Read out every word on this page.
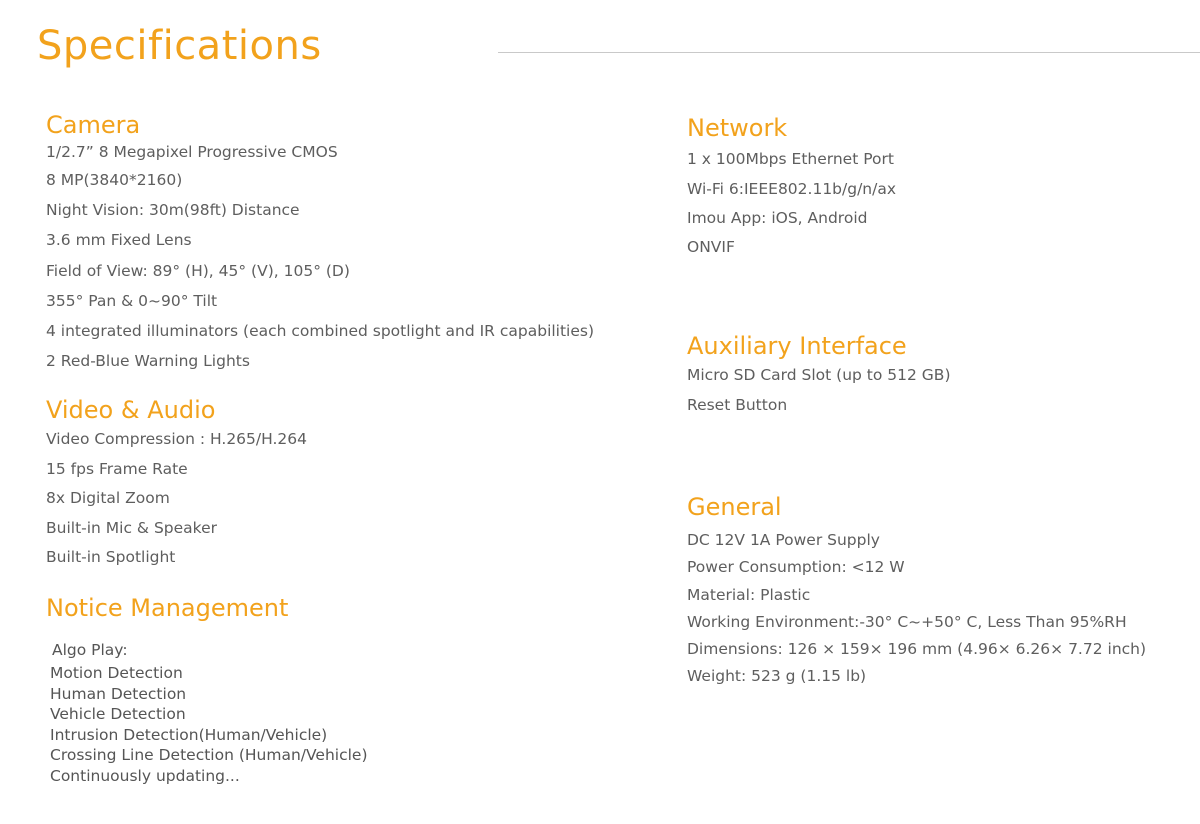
Specifications
Camera
1/2.7” 8 Megapixel Progressive CMOS
8 MP(3840*2160)
Night Vision: 30m(98ft) Distance
3.6 mm Fixed Lens
Field of View: 89° (H), 45° (V), 105° (D)
355° Pan & 0~90° Tilt
4 integrated illuminators (each combined spotlight and IR capabilities)
2 Red-Blue Warning Lights
Video & Audio
Video Compression : H.265/H.264
15 fps Frame Rate
8x Digital Zoom
Built-in Mic & Speaker
Built-in Spotlight
Notice Management
Algo Play:
Motion Detection
Human Detection
Vehicle Detection
Intrusion Detection(Human/Vehicle)
Crossing Line Detection (Human/Vehicle)
Continuously updating...
Network
1 x 100Mbps Ethernet Port
Wi-Fi 6:IEEE802.11b/g/n/ax
Imou App: iOS, Android
ONVIF
Auxiliary Interface
Micro SD Card Slot (up to 512 GB)
Reset Button
General
DC 12V 1A Power Supply
Power Consumption: <12 W
Material: Plastic
Working Environment:-30° C~+50° C, Less Than 95%RH
Dimensions: 126 × 159× 196 mm (4.96× 6.26× 7.72 inch)
Weight: 523 g (1.15 lb)
